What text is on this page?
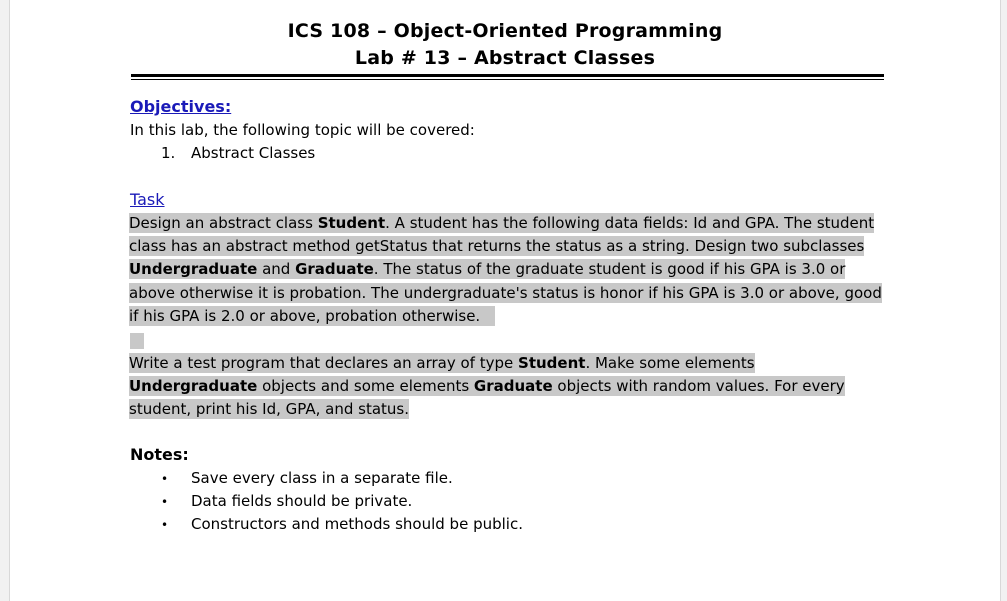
ICS 108 – Object-Oriented Programming
Lab # 13 – Abstract Classes
Objectives:
In this lab, the following topic will be covered:
1. Abstract Classes
Task
Design an abstract class Student. A student has the following data fields: Id and GPA. The student class has an abstract method getStatus that returns the status as a string. Design two subclasses Undergraduate and Graduate. The status of the graduate student is good if his GPA is 3.0 or above otherwise it is probation. The undergraduate's status is honor if his GPA is 3.0 or above, good if his GPA is 2.0 or above, probation otherwise.
Write a test program that declares an array of type Student. Make some elements Undergraduate objects and some elements Graduate objects with random values. For every student, print his Id, GPA, and status.
Notes:
• Save every class in a separate file.
• Data fields should be private.
• Constructors and methods should be public.
